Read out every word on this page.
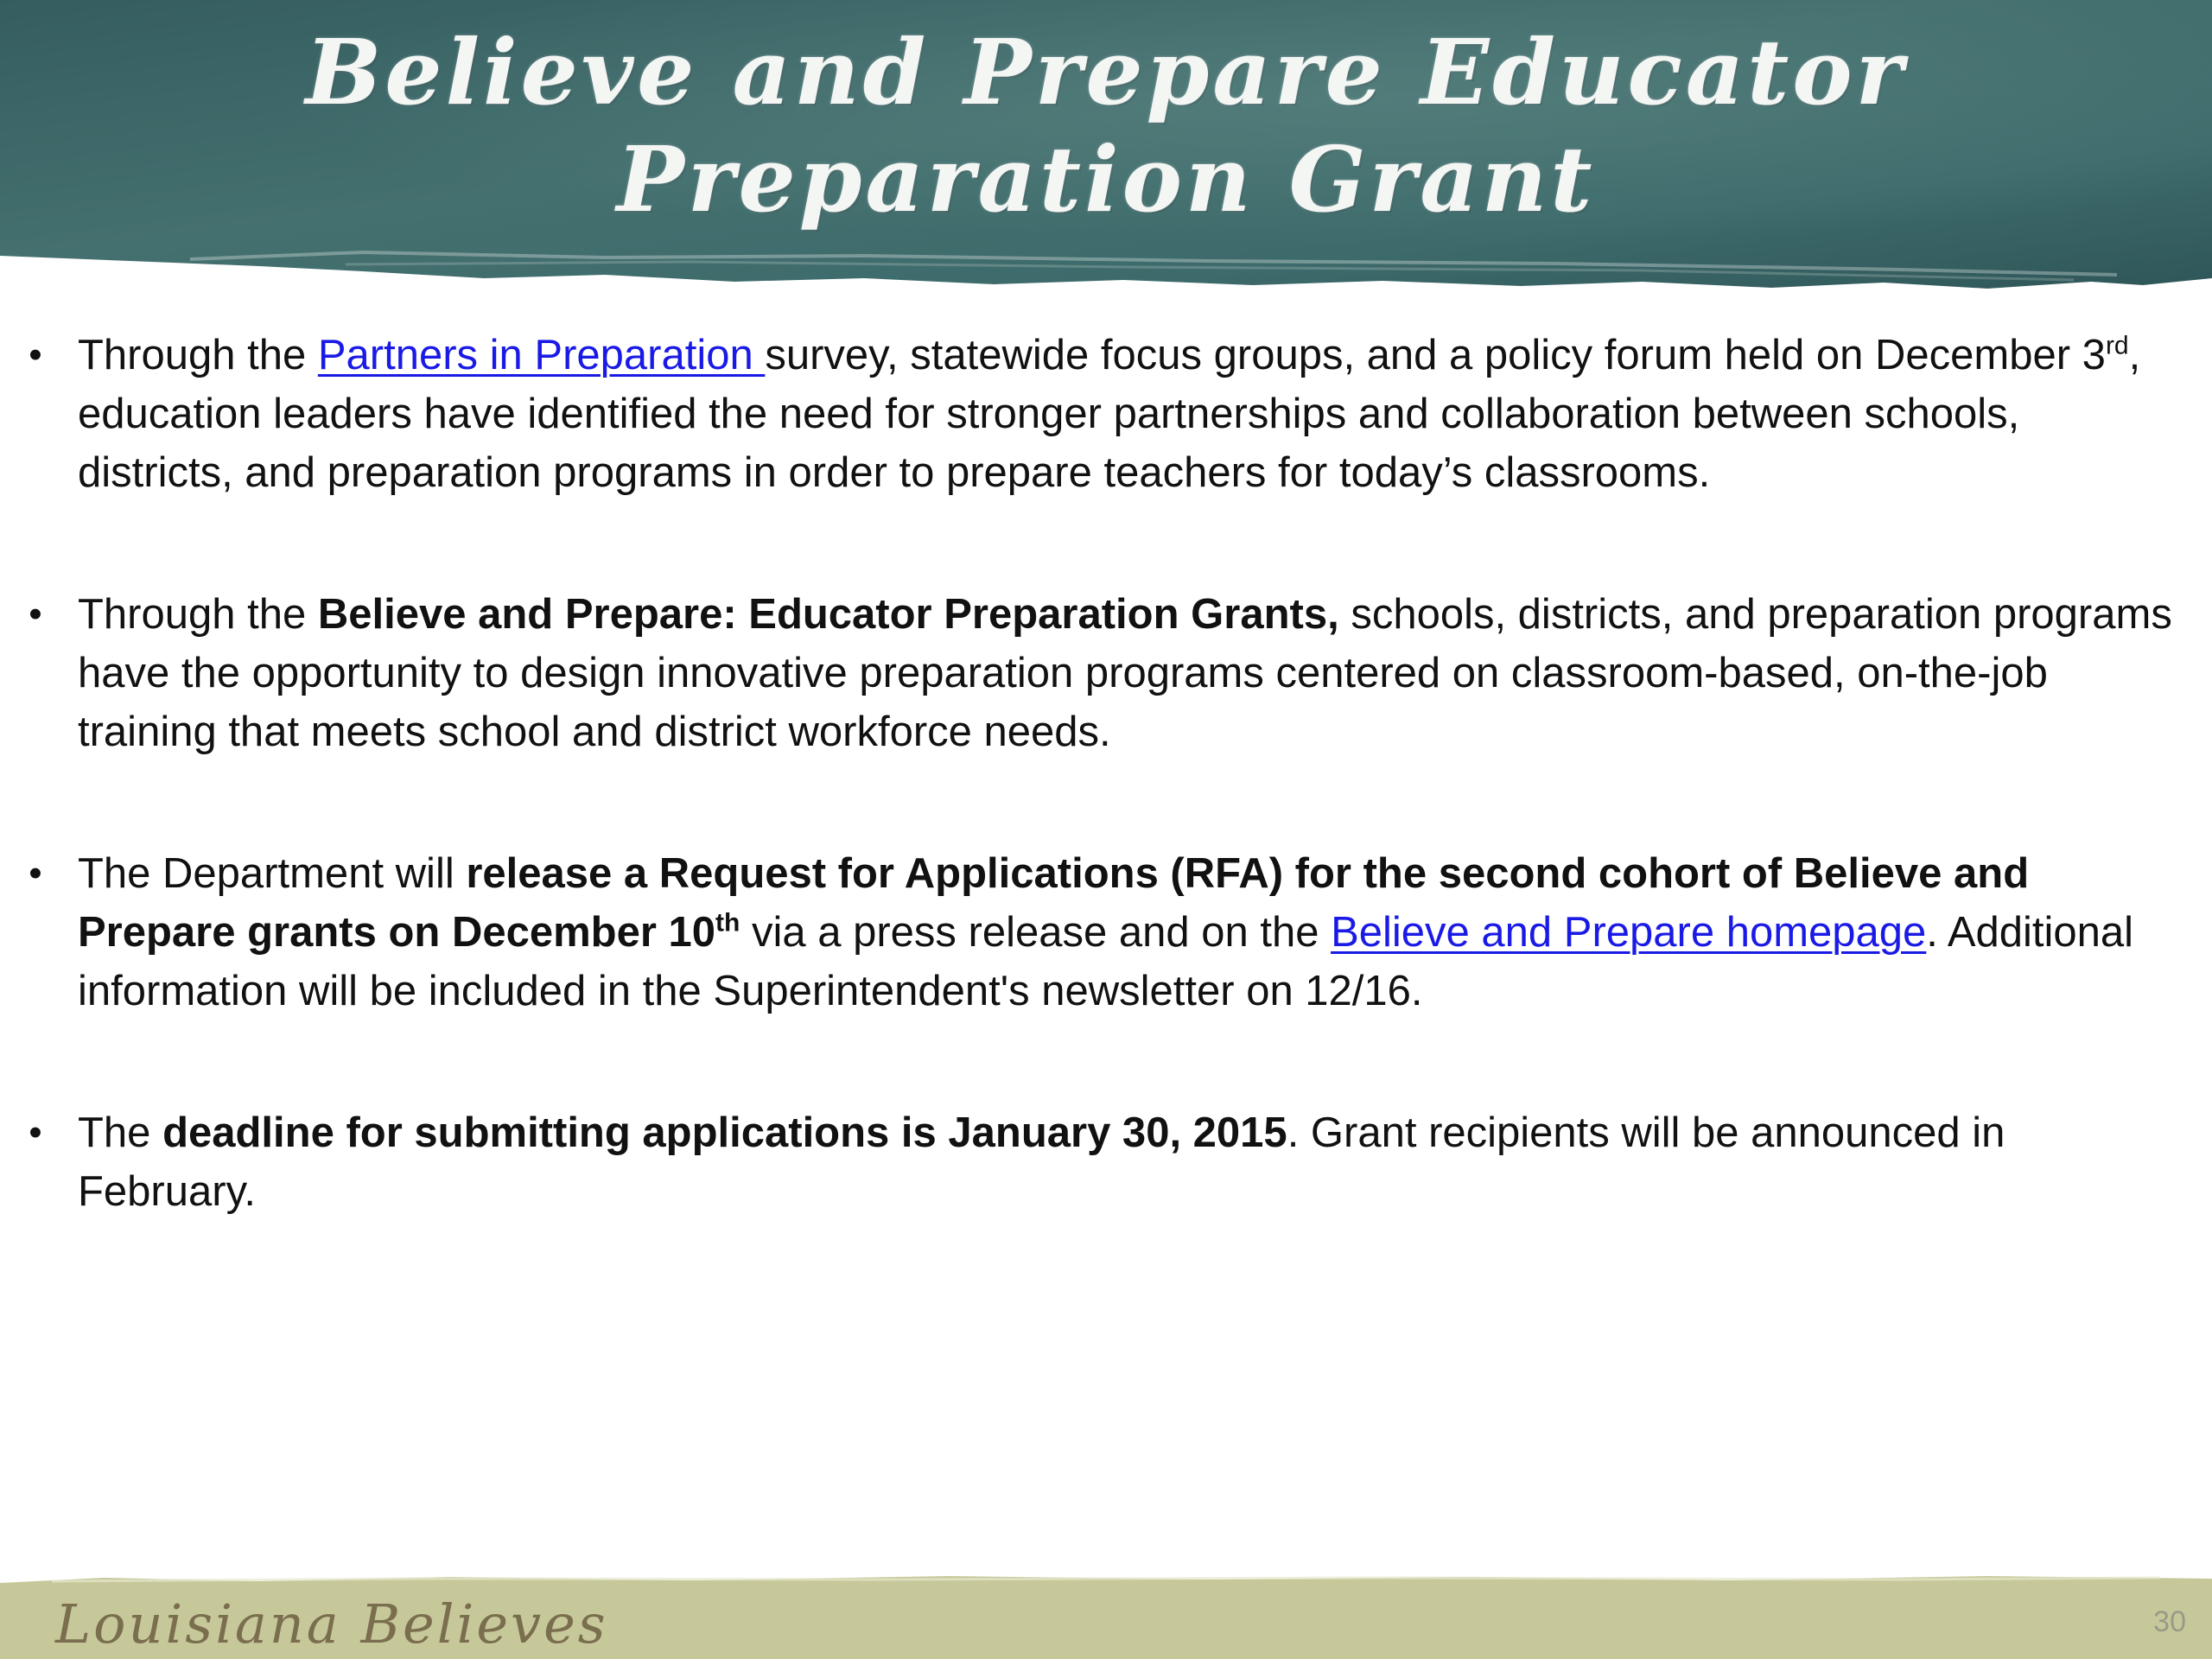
Believe and Prepare Educator Preparation Grant
• Through the Partners in Preparation survey, statewide focus groups, and a policy forum held on December 3rd, education leaders have identified the need for stronger partnerships and collaboration between schools, districts, and preparation programs in order to prepare teachers for today’s classrooms.
• Through the Believe and Prepare: Educator Preparation Grants, schools, districts, and preparation programs have the opportunity to design innovative preparation programs centered on classroom-based, on-the-job training that meets school and district workforce needs.
• The Department will release a Request for Applications (RFA) for the second cohort of Believe and Prepare grants on December 10th via a press release and on the Believe and Prepare homepage. Additional information will be included in the Superintendent's newsletter on 12/16.
• The deadline for submitting applications is January 30, 2015. Grant recipients will be announced in February.
Louisiana Believes	30
